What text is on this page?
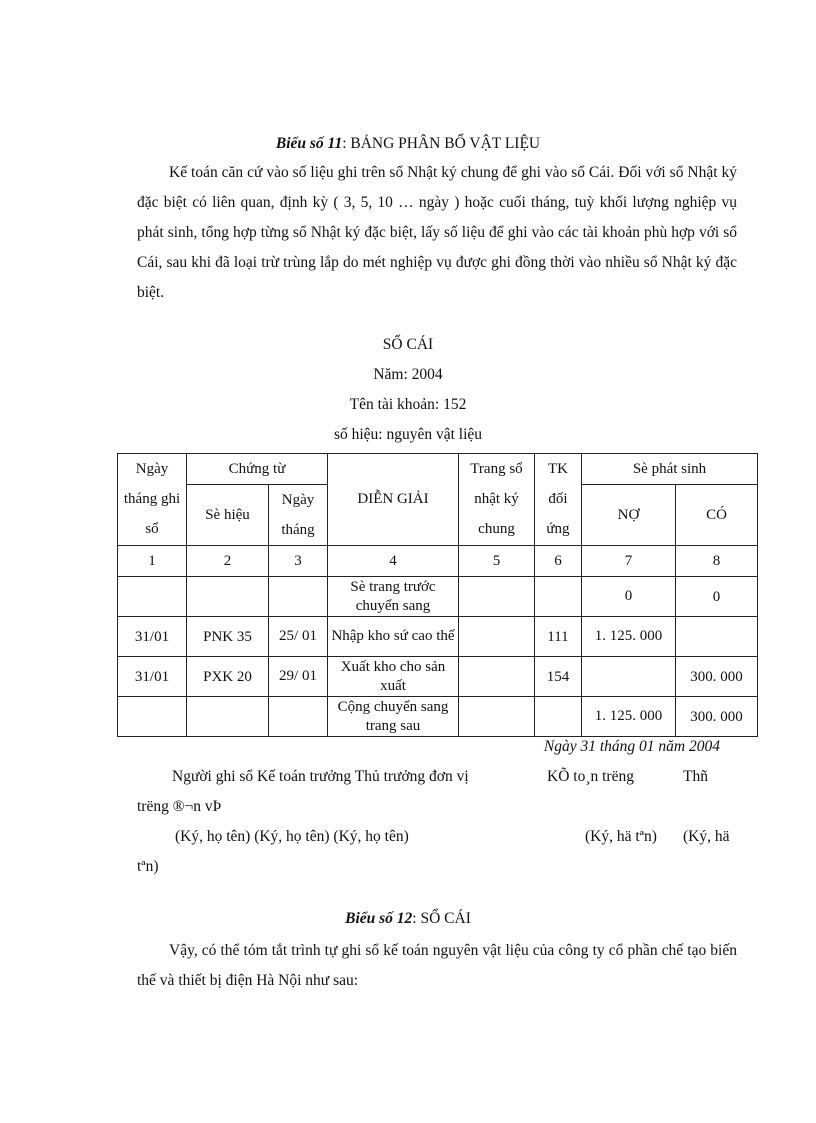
Biểu số 11: BẢNG PHÂN BỔ VẬT LIỆU
Kế toán căn cứ vào số liệu ghi trên sổ Nhật ký chung để ghi vào sổ Cái. Đối với sổ Nhật ký đặc biệt có liên quan, định kỳ ( 3, 5, 10 … ngày ) hoặc cuối tháng, tuỳ khối lượng nghiệp vụ phát sinh, tổng hợp từng sổ Nhật ký đặc biệt, lấy số liệu để ghi vào các tài khoản phù hợp với sổ Cái, sau khi đã loại trừ trùng lắp do mét nghiệp vụ được ghi đồng thời vào nhiều sổ Nhật ký đặc biệt.
SỔ CÁI
Năm: 2004
Tên tài khoản: 152
số hiệu: nguyên vật liệu
Ngày tháng ghi sổ	Chứng từ		DIỄN GIẢI	Trang sổ nhật ký chung	TK đối ứng	Sè phát sinh	
	Sè hiệu	Ngày tháng				NỢ	CÓ
1	2	3	4	5	6	7	8
			Sè trang trước chuyển sang			0	0
31/01	PNK 35	25/ 01	Nhập kho sứ cao thế		111	1. 125. 000	
31/01	PXK 20	29/ 01	Xuất kho cho sản xuất		154		300. 000
			Cộng chuyển sang trang sau			1. 125. 000	300. 000
Ngày 31 tháng 01 năm 2004
Người ghi sổ Kế toán trưởng Thủ trưởng đơn vị	KÕ to¸n trëng	Thñ
trëng ®¬n vÞ
(Ký, họ tên) (Ký, họ tên) (Ký, họ tên)	(Ký, hä tªn) (Ký, hä
tªn)
Biểu số 12: SỔ CÁI
Vậy, có thể tóm tắt trình tự ghi sổ kế toán nguyên vật liệu của công ty cổ phần chế tạo biến thế và thiết bị điện Hà Nội như sau:
